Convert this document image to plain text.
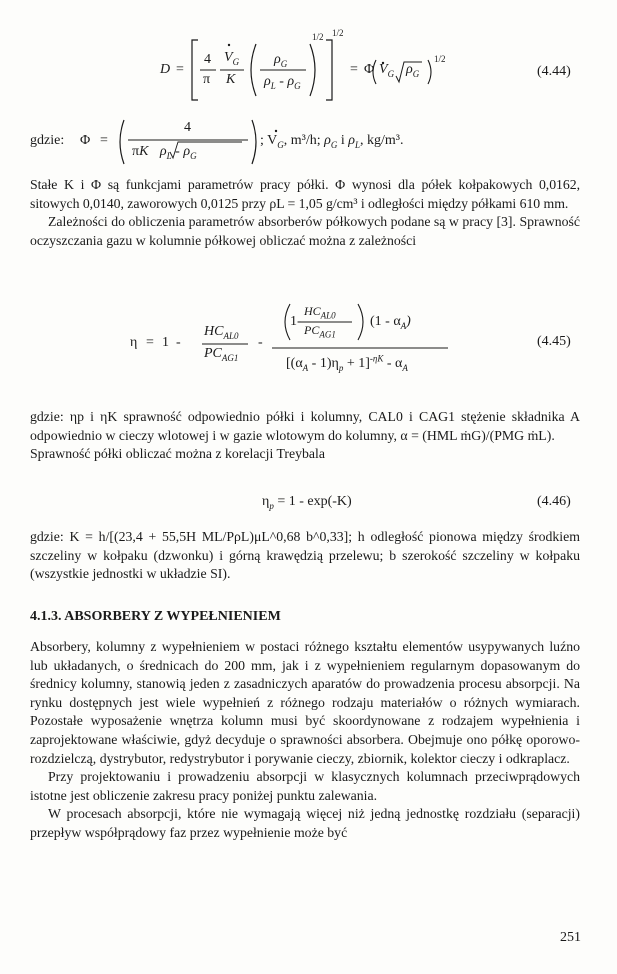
D =
4
π
$V_G$
K
$\rho_G$
$\rho_L - \rho_G$
1/2 1/2
= Φ $V_G$ $\rho_G$
1/2
(4.44)
gdzie: Φ =
4
πK $\rho_L - \rho_G$
; $V_G$, m³/h; $\rho_G$ i $\rho_L$, kg/m³.

Stałe K i Φ są funkcjami parametrów pracy półki. Φ wynosi dla półek kołpakowych 0,0162, sitowych 0,0140, zaworowych 0,0125 przy ρL = 1,05 g/cm³ i odległości między półkami 610 mm.

Zależności do obliczenia parametrów absorberów półkowych podane są w pracy [3]. Sprawność oczyszczania gazu w kolumnie półkowej obliczać można z zależności

η = 1 -
$HC_{AL0}$
$PC_{AG1}$
-
1 -
$HC_{AL0}$
$PC_{AG1}$
$(1 - \alpha_A)$
$[(\alpha_A - 1)\eta_p + 1]^{-\eta K} - \alpha_A$
(4.45)

gdzie: ηp i ηK sprawność odpowiednio półki i kolumny, CAL0 i CAG1 stężenie składnika A odpowiednio w cieczy wlotowej i w gazie wlotowym do kolumny, α = (HML ṁG)/(PMG ṁL).

Sprawność półki obliczać można z korelacji Treybala

$\eta_p = 1 - \exp(-K)$	(4.46)

gdzie: K = h/[(23,4 + 55,5H ML/PρL)μL^0,68 b^0,33]; h odległość pionowa między środkiem szczeliny w kołpaku (dzwonku) i górną krawędzią przelewu; b szerokość szczeliny w kołpaku (wszystkie jednostki w układzie SI).

4.1.3. ABSORBERY Z WYPEŁNIENIEM

Absorbery, kolumny z wypełnieniem w postaci różnego kształtu elementów usypywanych luźno lub układanych, o średnicach do 200 mm, jak i z wypełnieniem regularnym dopasowanym do średnicy kolumny, stanowią jeden z zasadniczych aparatów do prowadzenia procesu absorpcji. Na rynku dostępnych jest wiele wypełnień z różnego rodzaju materiałów o różnych wymiarach. Pozostałe wyposażenie wnętrza kolumn musi być skoordynowane z rodzajem wypełnienia i zaprojektowane właściwie, gdyż decyduje o sprawności absorbera. Obejmuje ono półkę oporowo-rozdzielczą, dystrybutor, redystrybutor i porywanie cieczy, zbiornik, kolektor cieczy i odkraplacz.

Przy projektowaniu i prowadzeniu absorpcji w klasycznych kolumnach przeciwprądowych istotne jest obliczenie zakresu pracy poniżej punktu zalewania.

W procesach absorpcji, które nie wymagają więcej niż jedną jednostkę rozdziału (separacji) przepływ współprądowy faz przez wypełnienie może być

251
